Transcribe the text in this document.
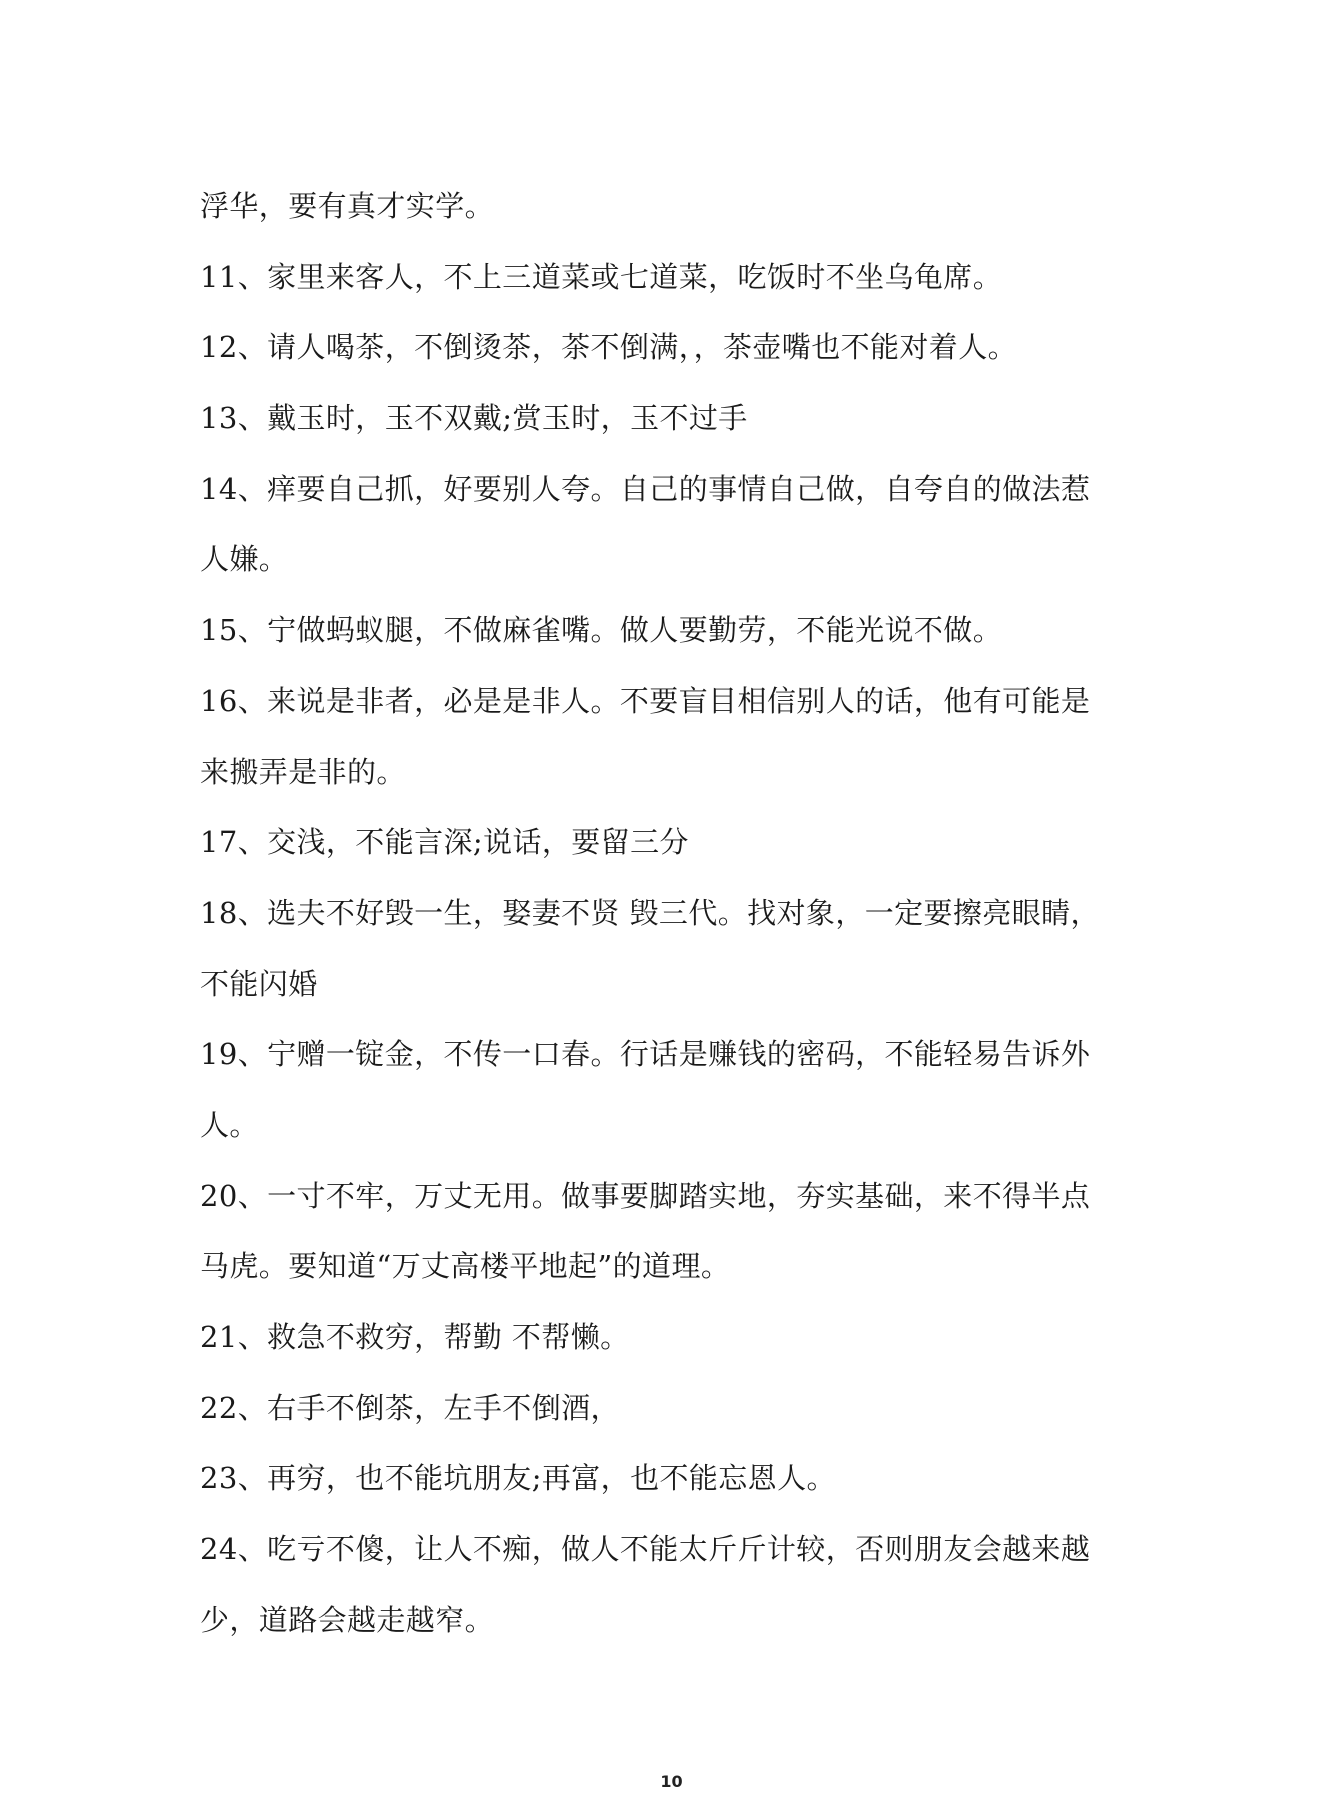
浮华，要有真才实学。
11、家里来客人，不上三道菜或七道菜，吃饭时不坐乌龟席。
12、请人喝茶，不倒烫茶，茶不倒满，，茶壶嘴也不能对着人。
13、戴玉时，玉不双戴;赏玉时，玉不过手
14、痒要自己抓，好要别人夸。自己的事情自己做，自夸自的做法惹
人嫌。
15、宁做蚂蚁腿，不做麻雀嘴。做人要勤劳，不能光说不做。
16、来说是非者，必是是非人。不要盲目相信别人的话，他有可能是
来搬弄是非的。
17、交浅，不能言深;说话，要留三分
18、选夫不好毁一生，娶妻不贤 毁三代。找对象，一定要擦亮眼睛，
不能闪婚
19、宁赠一锭金，不传一口春。行话是赚钱的密码，不能轻易告诉外
人。
20、一寸不牢，万丈无用。做事要脚踏实地，夯实基础，来不得半点
马虎。要知道“万丈高楼平地起”的道理。
21、救急不救穷，帮勤 不帮懒。
22、右手不倒茶，左手不倒酒，
23、再穷，也不能坑朋友;再富，也不能忘恩人。
24、吃亏不傻，让人不痴，做人不能太斤斤计较，否则朋友会越来越
少，道路会越走越窄。
10
